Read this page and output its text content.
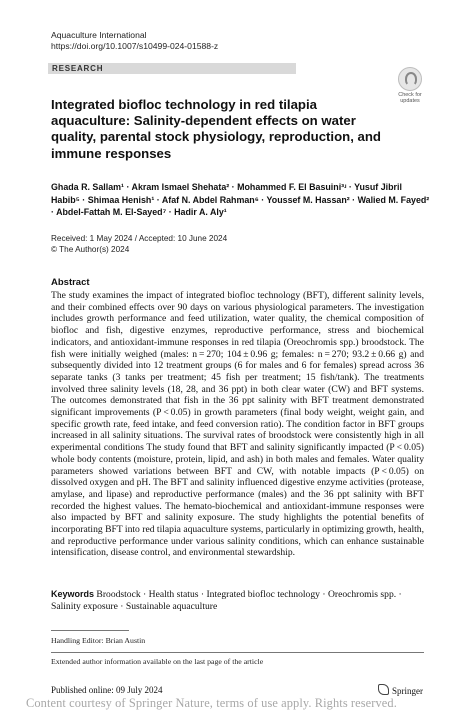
Aquaculture International
https://doi.org/10.1007/s10499-024-01588-z
RESEARCH
Check for updates
Integrated biofloc technology in red tilapia aquaculture: Salinity-dependent effects on water quality, parental stock physiology, reproduction, and immune responses
Ghada R. Sallam¹ · Akram Ismael Shehata² · Mohammed F. El Basuini³ʴ · Yusuf Jibril Habib⁵ · Shimaa Henish¹ · Afaf N. Abdel Rahman⁶ · Youssef M. Hassan² · Walied M. Fayed² · Abdel-Fattah M. El-Sayed⁷ · Hadir A. Aly¹
Received: 1 May 2024 / Accepted: 10 June 2024
© The Author(s) 2024
Abstract
The study examines the impact of integrated biofloc technology (BFT), different salinity levels, and their combined effects over 90 days on various physiological parameters. The investigation includes growth performance and feed utilization, water quality, the chemical composition of biofloc and fish, digestive enzymes, reproductive performance, stress and biochemical indicators, and antioxidant-immune responses in red tilapia (Oreochromis spp.) broodstock. The fish were initially weighed (males: n = 270; 104 ± 0.96 g; females: n = 270; 93.2 ± 0.66 g) and subsequently divided into 12 treatment groups (6 for males and 6 for females) spread across 36 separate tanks (3 tanks per treatment; 45 fish per treatment; 15 fish/tank). The treatments involved three salinity levels (18, 28, and 36 ppt) in both clear water (CW) and BFT systems. The outcomes demonstrated that fish in the 36 ppt salinity with BFT treatment demonstrated significant improvements (P < 0.05) in growth parameters (final body weight, weight gain, and specific growth rate, feed intake, and feed conversion ratio). The condition factor in BFT groups increased in all salinity situations. The survival rates of broodstock were consistently high in all experimental conditions The study found that BFT and salinity significantly impacted (P < 0.05) whole body contents (moisture, protein, lipid, and ash) in both males and females. Water quality parameters showed variations between BFT and CW, with notable impacts (P < 0.05) on dissolved oxygen and pH. The BFT and salinity influenced digestive enzyme activities (protease, amylase, and lipase) and reproductive performance (males) and the 36 ppt salinity with BFT recorded the highest values. The hemato-biochemical and antioxidant-immune responses were also impacted by BFT and salinity exposure. The study highlights the potential benefits of incorporating BFT into red tilapia aquaculture systems, particularly in optimizing growth, health, and reproductive performance under various salinity conditions, which can enhance sustainable intensification, disease control, and environmental stewardship.
Keywords Broodstock · Health status · Integrated biofloc technology · Oreochromis spp. · Salinity exposure · Sustainable aquaculture
Handling Editor: Brian Austin
Extended author information available on the last page of the article
Published online: 09 July 2024	Springer
Content courtesy of Springer Nature, terms of use apply. Rights reserved.
